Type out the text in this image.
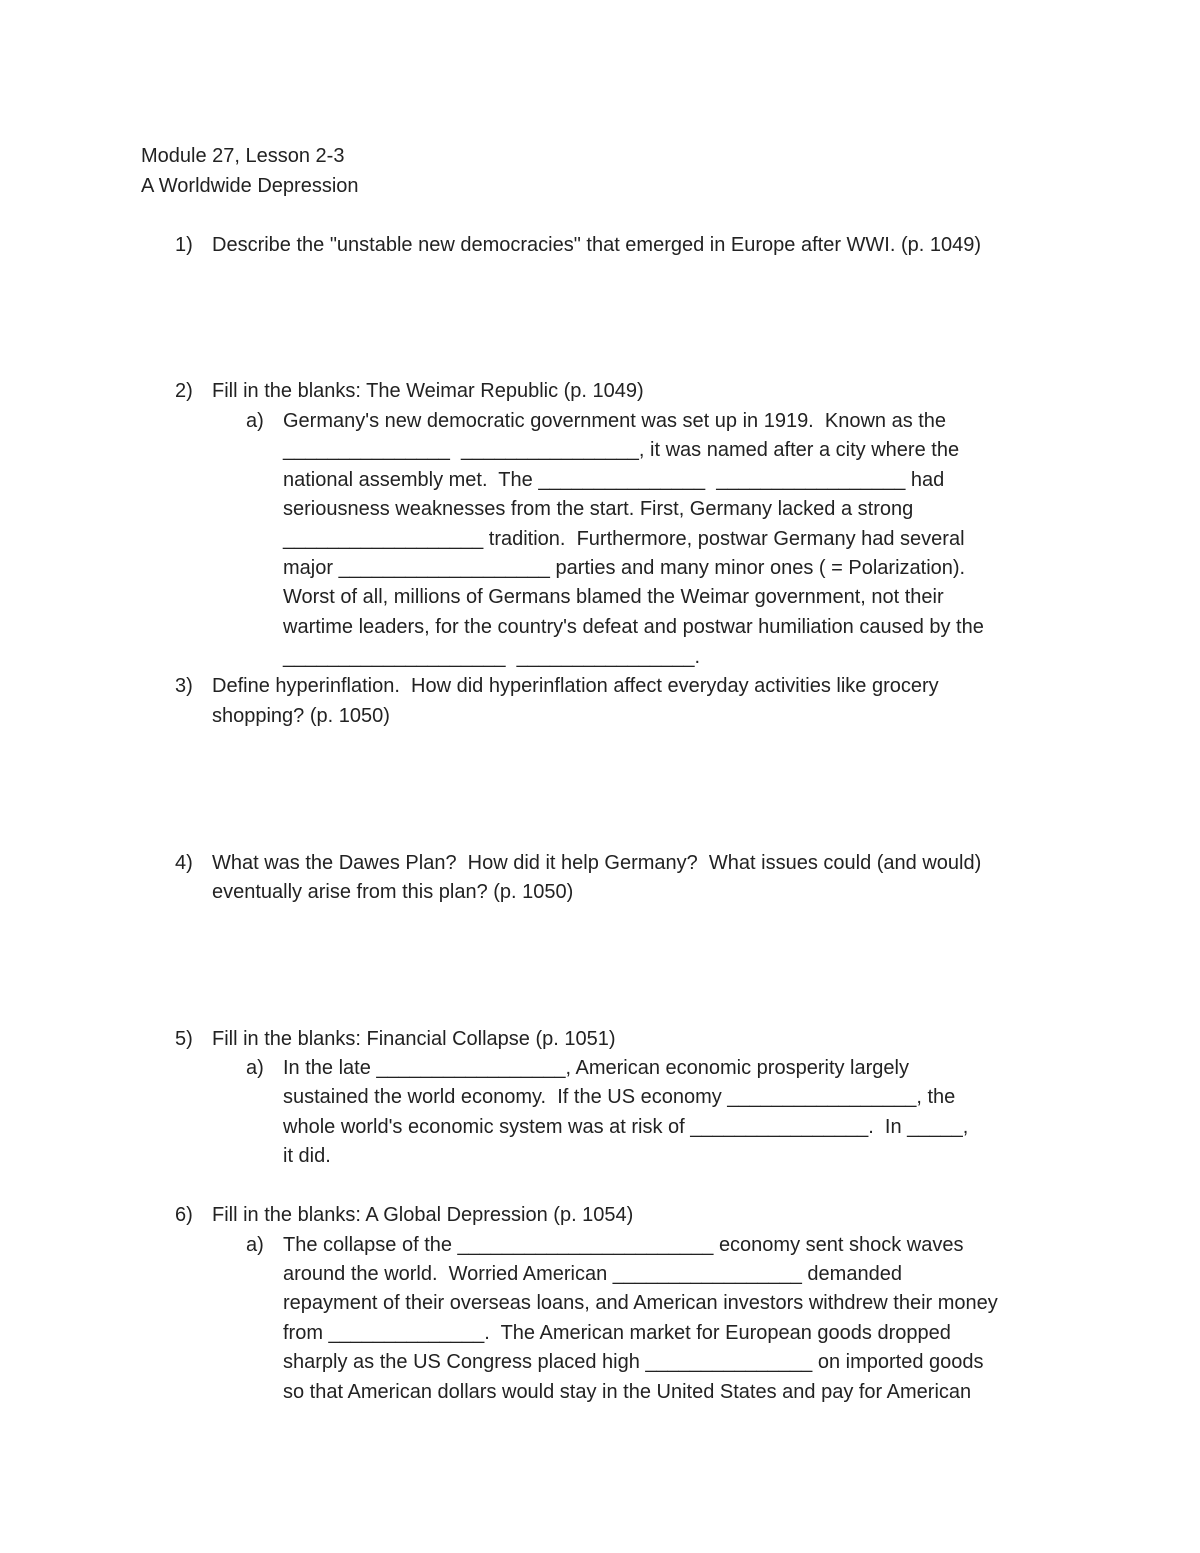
Module 27, Lesson 2-3
A Worldwide Depression
1) Describe the "unstable new democracies" that emerged in Europe after WWI. (p. 1049)
2) Fill in the blanks: The Weimar Republic (p. 1049)
a) Germany's new democratic government was set up in 1919.  Known as the
_______________  ________________, it was named after a city where the
national assembly met.  The _______________  _________________ had
seriousness weaknesses from the start. First, Germany lacked a strong
__________________ tradition.  Furthermore, postwar Germany had several
major ___________________ parties and many minor ones ( = Polarization).
Worst of all, millions of Germans blamed the Weimar government, not their
wartime leaders, for the country's defeat and postwar humiliation caused by the
____________________  ________________.
3) Define hyperinflation.  How did hyperinflation affect everyday activities like grocery
shopping? (p. 1050)
4) What was the Dawes Plan?  How did it help Germany?  What issues could (and would)
eventually arise from this plan? (p. 1050)
5) Fill in the blanks: Financial Collapse (p. 1051)
a) In the late _________________, American economic prosperity largely
sustained the world economy.  If the US economy _________________, the
whole world's economic system was at risk of ________________.  In _____,
it did.
6) Fill in the blanks: A Global Depression (p. 1054)
a) The collapse of the _______________________ economy sent shock waves
around the world.  Worried American _________________ demanded
repayment of their overseas loans, and American investors withdrew their money
from ______________.  The American market for European goods dropped
sharply as the US Congress placed high _______________ on imported goods
so that American dollars would stay in the United States and pay for American
